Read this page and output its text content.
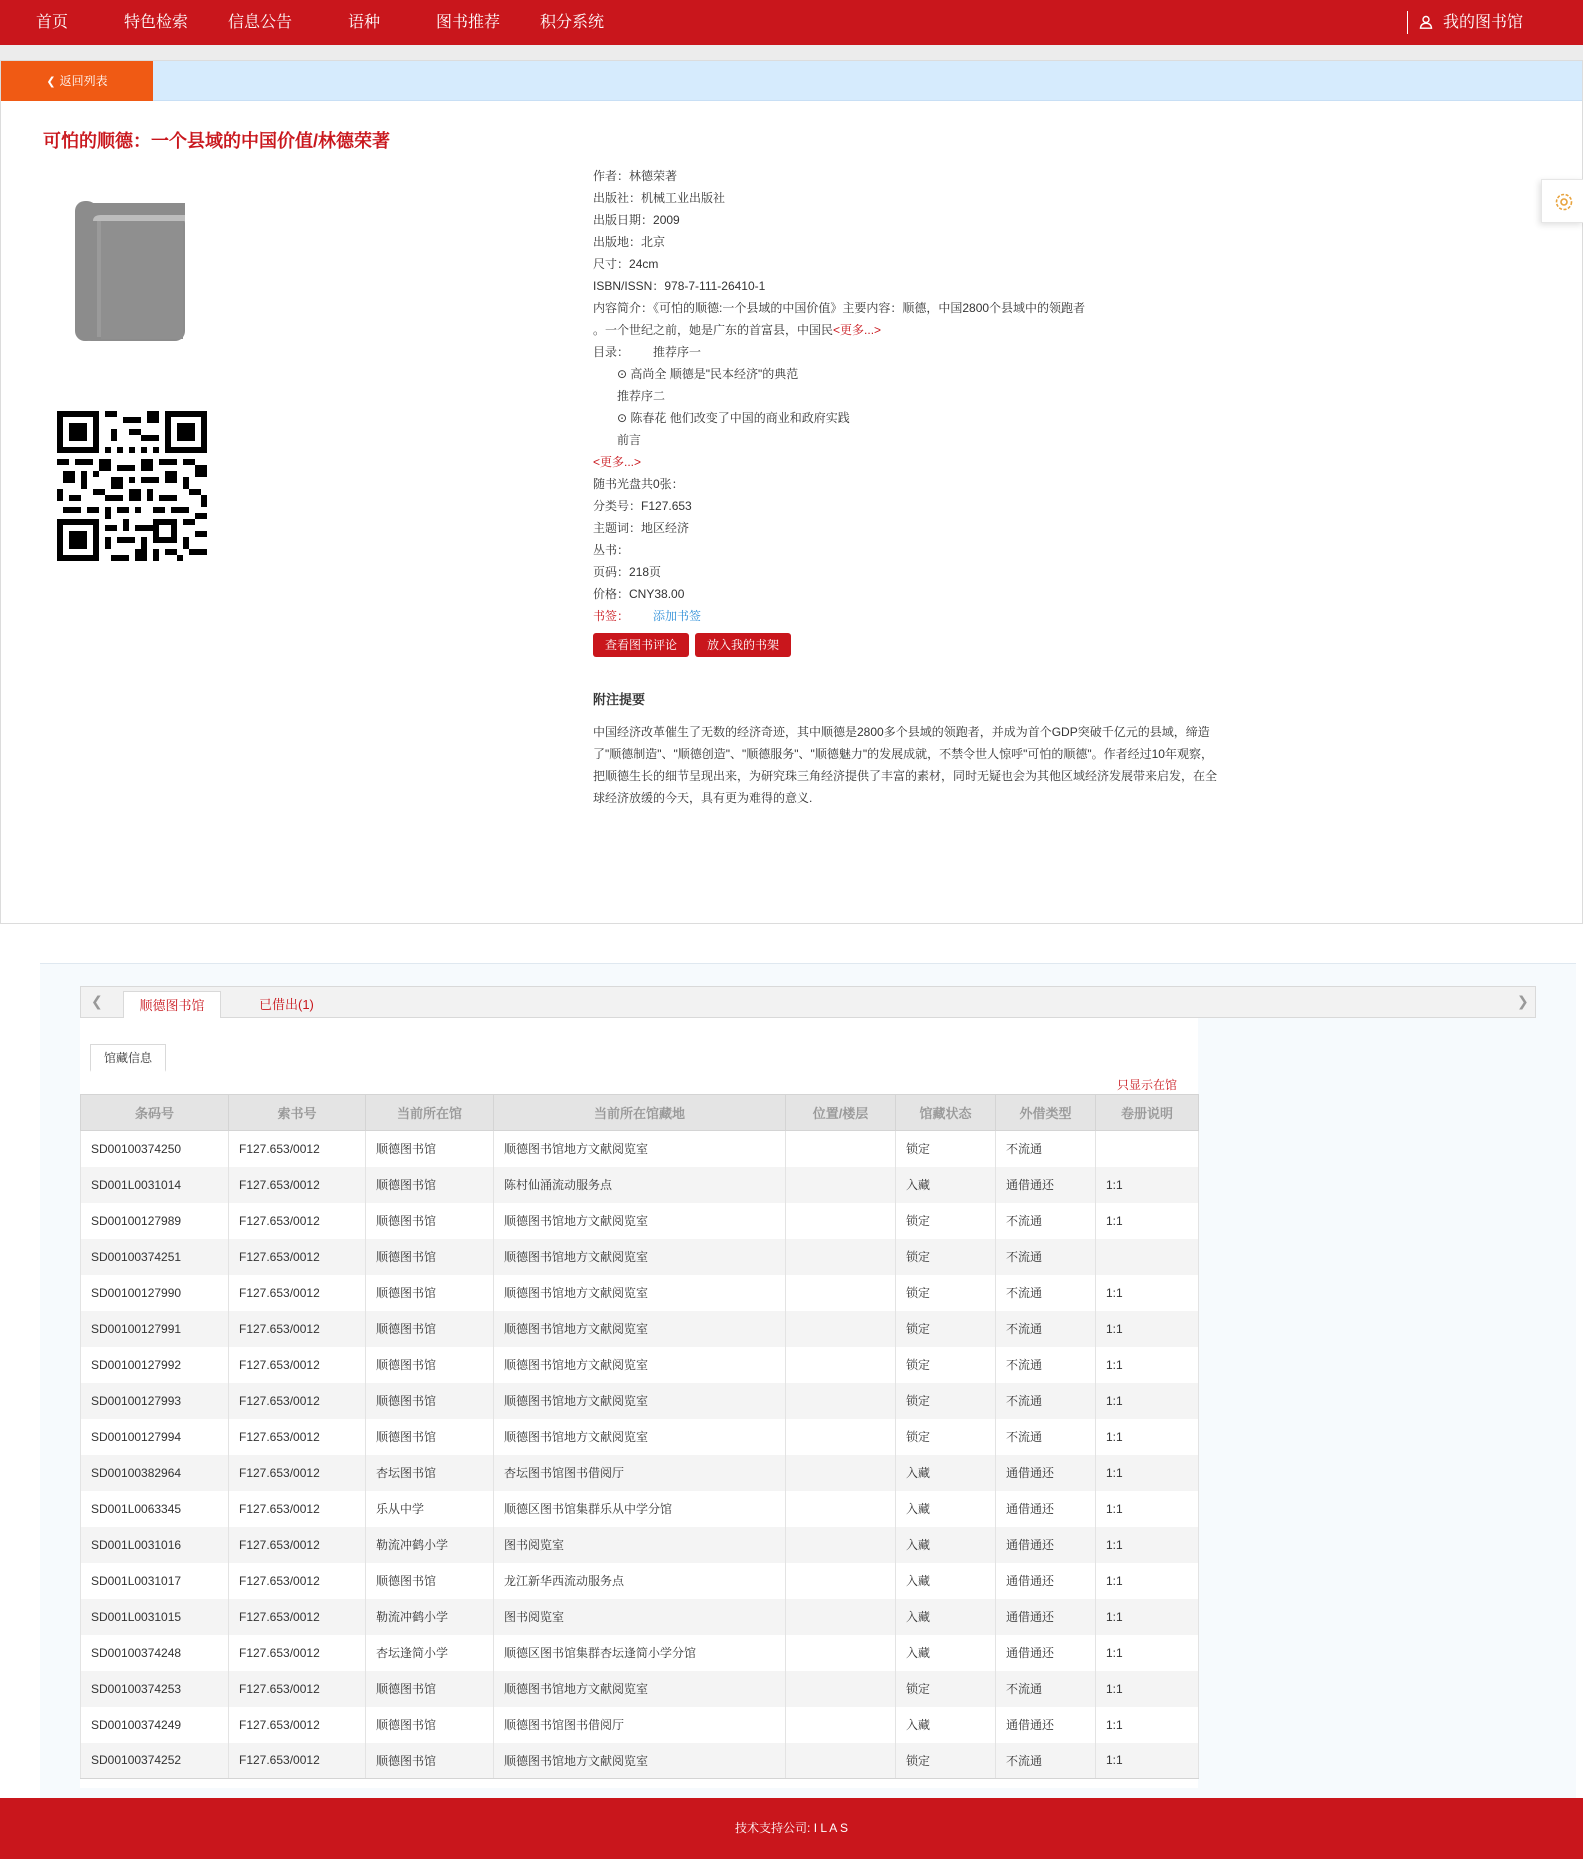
首页	特色检索 信息公告	语种	图书推荐 积分系统	我的图书馆
❮ 返回列表
可怕的顺德：一个县域的中国价值/林德荣著
作者：林德荣著
出版社：机械工业出版社
出版日期：2009
出版地：北京
尺寸：24cm
ISBN/ISSN：978-7-111-26410-1
内容简介：《可怕的顺德:一个县域的中国价值》主要内容：顺德，中国2800个县域中的领跑者
。一个世纪之前，她是广东的首富县，中国民<更多...>
目录： 推荐序一
⊙ 高尚全 顺德是"民本经济"的典范
推荐序二
⊙ 陈春花 他们改变了中国的商业和政府实践
前言
<更多...>
随书光盘共0张：
分类号：F127.653
主题词：地区经济
丛书：
页码：218页
价格：CNY38.00
书签： 添加书签
查看图书评论	放入我的书架
附注提要
中国经济改革催生了无数的经济奇迹，其中顺德是2800多个县域的领跑者，并成为首个GDP突破千亿元的县域，缔造了"顺德制造"、"顺德创造"、"顺德服务"、"顺德魅力"的发展成就，不禁令世人惊呼"可怕的顺德"。作者经过10年观察，把顺德生长的细节呈现出来，为研究珠三角经济提供了丰富的素材，同时无疑也会为其他区域经济发展带来启发，在全球经济放缓的今天，具有更为难得的意义.
❮	顺德图书馆	已借出(1)	❯
馆藏信息
只显示在馆
条码号	索书号	当前所在馆	当前所在馆藏地	位置/楼层	馆藏状态	外借类型	卷册说明
SD00100374250	F127.653/0012	顺德图书馆	顺德图书馆地方文献阅览室		锁定	不流通	
SD001L0031014	F127.653/0012	顺德图书馆	陈村仙涌流动服务点		入藏	通借通还	1:1
SD00100127989	F127.653/0012	顺德图书馆	顺德图书馆地方文献阅览室		锁定	不流通	1:1
SD00100374251	F127.653/0012	顺德图书馆	顺德图书馆地方文献阅览室		锁定	不流通	
SD00100127990	F127.653/0012	顺德图书馆	顺德图书馆地方文献阅览室		锁定	不流通	1:1
SD00100127991	F127.653/0012	顺德图书馆	顺德图书馆地方文献阅览室		锁定	不流通	1:1
SD00100127992	F127.653/0012	顺德图书馆	顺德图书馆地方文献阅览室		锁定	不流通	1:1
SD00100127993	F127.653/0012	顺德图书馆	顺德图书馆地方文献阅览室		锁定	不流通	1:1
SD00100127994	F127.653/0012	顺德图书馆	顺德图书馆地方文献阅览室		锁定	不流通	1:1
SD00100382964	F127.653/0012	杏坛图书馆	杏坛图书馆图书借阅厅		入藏	通借通还	1:1
SD001L0063345	F127.653/0012	乐从中学	顺德区图书馆集群乐从中学分馆		入藏	通借通还	1:1
SD001L0031016	F127.653/0012	勒流冲鹤小学	图书阅览室		入藏	通借通还	1:1
SD001L0031017	F127.653/0012	顺德图书馆	龙江新华西流动服务点		入藏	通借通还	1:1
SD001L0031015	F127.653/0012	勒流冲鹤小学	图书阅览室		入藏	通借通还	1:1
SD00100374248	F127.653/0012	杏坛逢简小学	顺德区图书馆集群杏坛逢简小学分馆		入藏	通借通还	1:1
SD00100374253	F127.653/0012	顺德图书馆	顺德图书馆地方文献阅览室		锁定	不流通	1:1
SD00100374249	F127.653/0012	顺德图书馆	顺德图书馆图书借阅厅		入藏	通借通还	1:1
SD00100374252	F127.653/0012	顺德图书馆	顺德图书馆地方文献阅览室		锁定	不流通	1:1
技术支持公司: I L A S
